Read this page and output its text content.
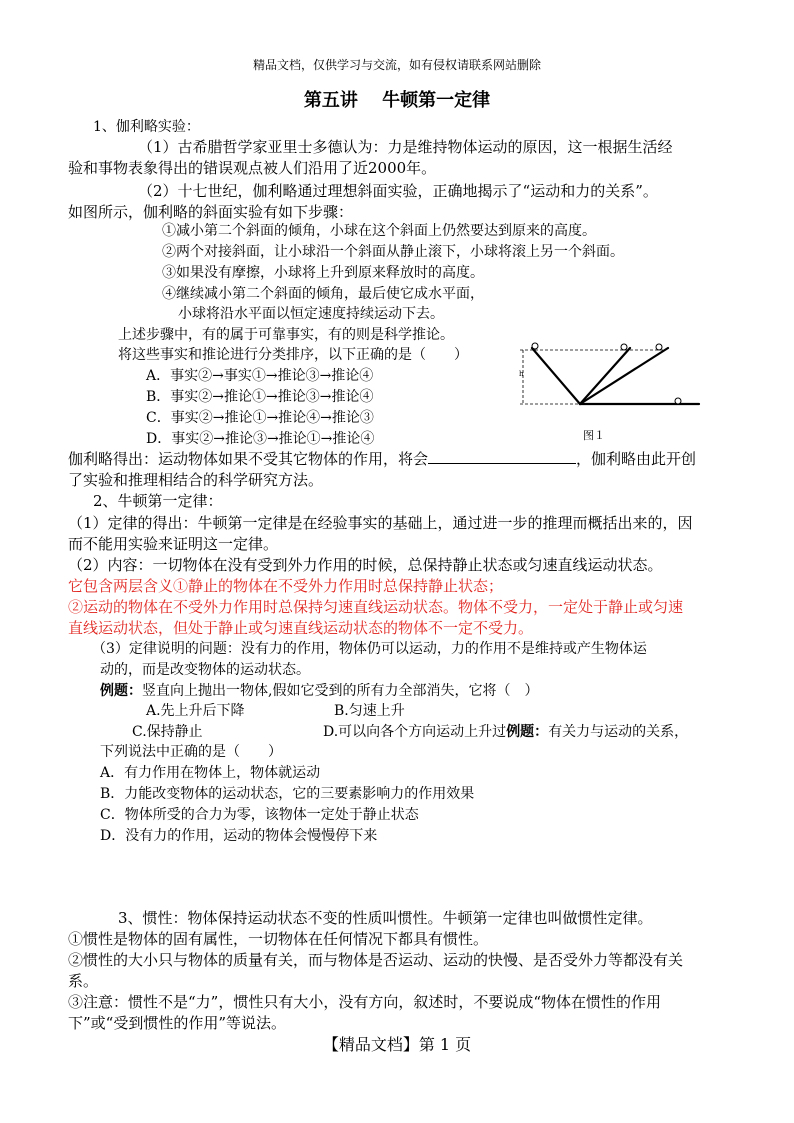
精品文档，仅供学习与交流，如有侵权请联系网站删除
第五讲　 牛顿第一定律
1、伽利略实验：
（1）古希腊哲学家亚里士多德认为：力是维持物体运动的原因，这一根据生活经
验和事物表象得出的错误观点被人们沿用了近2000年。
（2）十七世纪，伽利略通过理想斜面实验，正确地揭示了“运动和力的关系”。
如图所示，伽利略的斜面实验有如下步骤：
①减小第二个斜面的倾角，小球在这个斜面上仍然要达到原来的高度。
②两个对接斜面，让小球沿一个斜面从静止滚下，小球将滚上另一个斜面。
③如果没有摩擦，小球将上升到原来释放时的高度。
④继续减小第二个斜面的倾角，最后使它成水平面，
小球将沿水平面以恒定速度持续运动下去。
上述步骤中，有的属于可靠事实，有的则是科学推论。
将这些事实和推论进行分类排序，以下正确的是（　　）
A．事实②→事实①→推论③→推论④
B．事实②→推论①→推论③→推论④
C．事实②→推论①→推论④→推论③
D．事实②→推论③→推论①→推论④
h
图１
伽利略得出：运动物体如果不受其它物体的作用，将会	，伽利略由此开创
了实验和推理相结合的科学研究方法。
2、牛顿第一定律：
（1）定律的得出：牛顿第一定律是在经验事实的基础上，通过进一步的推理而概括出来的，因
而不能用实验来证明这一定律。
（2）内容：一切物体在没有受到外力作用的时候，总保持静止状态或匀速直线运动状态。
它包含两层含义①静止的物体在不受外力作用时总保持静止状态；
②运动的物体在不受外力作用时总保持匀速直线运动状态。物体不受力，一定处于静止或匀速
直线运动状态，但处于静止或匀速直线运动状态的物体不一定不受力。
（3）定律说明的问题：没有力的作用，物体仍可以运动，力的作用不是维持或产生物体运
动的，而是改变物体的运动状态。
例题：竖直向上抛出一物体,假如它受到的所有力全部消失，它将（　）
A.先上升后下降	B.匀速上升
C.保持静止	D.可以向各个方向运动上升过例题：有关力与运动的关系，
下列说法中正确的是（　　）
A．有力作用在物体上，物体就运动
B．力能改变物体的运动状态，它的三要素影响力的作用效果
C．物体所受的合力为零，该物体一定处于静止状态
D．没有力的作用，运动的物体会慢慢停下来
3、惯性：物体保持运动状态不变的性质叫惯性。牛顿第一定律也叫做惯性定律。
①惯性是物体的固有属性，一切物体在任何情况下都具有惯性。
②惯性的大小只与物体的质量有关，而与物体是否运动、运动的快慢、是否受外力等都没有关
系。
③注意：惯性不是“力”，惯性只有大小，没有方向，叙述时，不要说成“物体在惯性的作用
下”或“受到惯性的作用”等说法。
【精品文档】第 1 页
